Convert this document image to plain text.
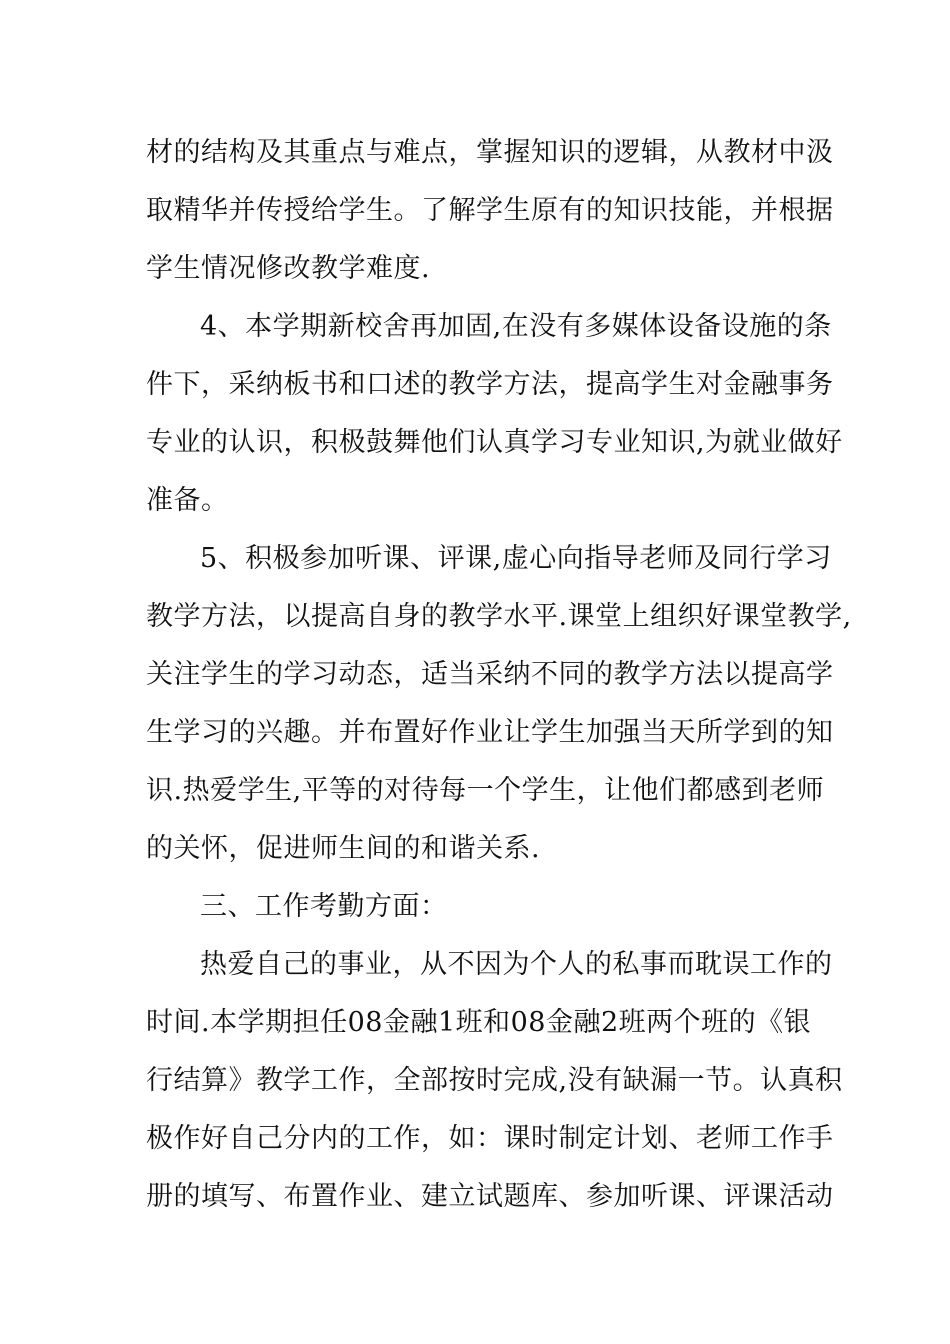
材的结构及其重点与难点，掌握知识的逻辑，从教材中汲
取精华并传授给学生。了解学生原有的知识技能，并根据
学生情况修改教学难度.
4、本学期新校舍再加固,在没有多媒体设备设施的条
件下，采纳板书和口述的教学方法，提高学生对金融事务
专业的认识，积极鼓舞他们认真学习专业知识,为就业做好
准备。
5、积极参加听课、评课,虚心向指导老师及同行学习
教学方法，以提高自身的教学水平.课堂上组织好课堂教学,
关注学生的学习动态，适当采纳不同的教学方法以提高学
生学习的兴趣。并布置好作业让学生加强当天所学到的知
识.热爱学生,平等的对待每一个学生，让他们都感到老师
的关怀，促进师生间的和谐关系.
三、工作考勤方面：
热爱自己的事业，从不因为个人的私事而耽误工作的
时间.本学期担任08金融1班和08金融2班两个班的《银
行结算》教学工作，全部按时完成,没有缺漏一节。认真积
极作好自己分内的工作，如：课时制定计划、老师工作手
册的填写、布置作业、建立试题库、参加听课、评课活动
